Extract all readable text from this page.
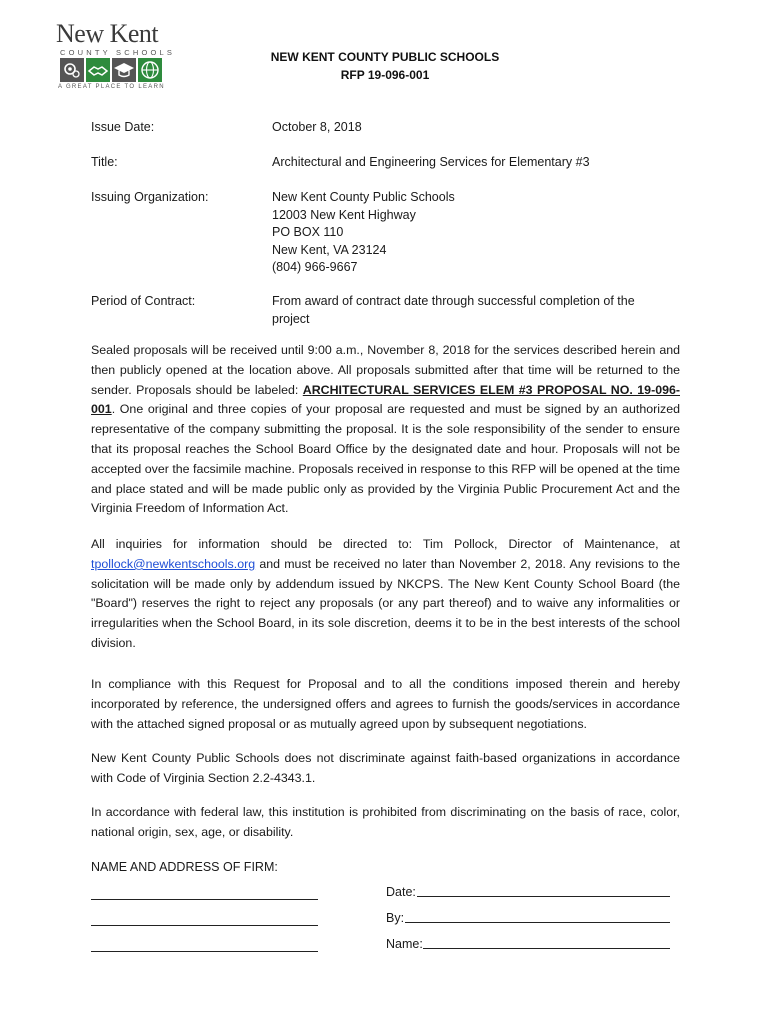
New Kent
COUNTY SCHOOLS
A GREAT PLACE TO LEARN
NEW KENT COUNTY PUBLIC SCHOOLS
RFP 19-096-001
Issue Date:	October 8, 2018
Title:	Architectural and Engineering Services for Elementary #3
Issuing Organization:	New Kent County Public Schools
12003 New Kent Highway
PO BOX 110
New Kent, VA 23124
(804) 966-9667
Period of Contract:	From award of contract date through successful completion of the
project
Sealed proposals will be received until 9:00 a.m., November 8, 2018 for the services described herein and then publicly opened at the location above. All proposals submitted after that time will be returned to the sender. Proposals should be labeled: ARCHITECTURAL SERVICES ELEM #3 PROPOSAL NO. 19-096-001. One original and three copies of your proposal are requested and must be signed by an authorized representative of the company submitting the proposal. It is the sole responsibility of the sender to ensure that its proposal reaches the School Board Office by the designated date and hour. Proposals will not be accepted over the facsimile machine. Proposals received in response to this RFP will be opened at the time and place stated and will be made public only as provided by the Virginia Public Procurement Act and the Virginia Freedom of Information Act.
All inquiries for information should be directed to: Tim Pollock, Director of Maintenance, at tpollock@newkentschools.org and must be received no later than November 2, 2018. Any revisions to the solicitation will be made only by addendum issued by NKCPS. The New Kent County School Board (the "Board") reserves the right to reject any proposals (or any part thereof) and to waive any informalities or irregularities when the School Board, in its sole discretion, deems it to be in the best interests of the school division.
In compliance with this Request for Proposal and to all the conditions imposed therein and hereby incorporated by reference, the undersigned offers and agrees to furnish the goods/services in accordance with the attached signed proposal or as mutually agreed upon by subsequent negotiations.
New Kent County Public Schools does not discriminate against faith-based organizations in accordance with Code of Virginia Section 2.2-4343.1.
In accordance with federal law, this institution is prohibited from discriminating on the basis of race, color, national origin, sex, age, or disability.
NAME AND ADDRESS OF FIRM:
Date:
By:
Name:
